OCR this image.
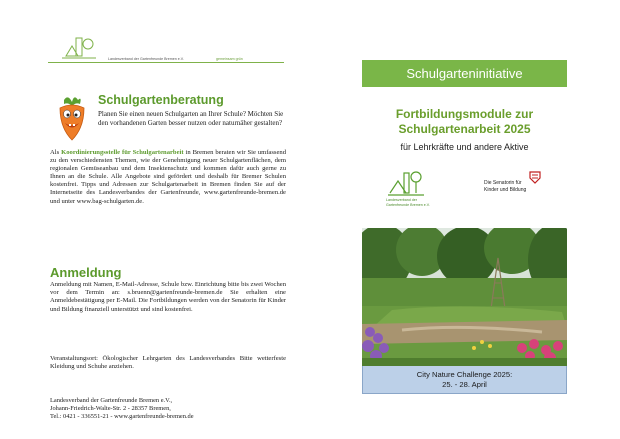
Landesverband der Gartenfreunde Bremen e.V.	gemeinsam grün
Schulgartenberatung
Planen Sie einen neuen Schulgarten an Ihrer Schule? Möchten Sie den vorhandenen Garten besser nutzen oder naturnäher gestalten?
Als Koordinierungsstelle für Schulgartenarbeit in Bremen beraten wir Sie umfassend zu den verschiedensten Themen, wie der Genehmigung neuer Schulgartenflächen, dem regionalen Gemüseanbau und dem Insektenschutz und kommen dafür auch gerne zu Ihnen an die Schule. Alle Angebote sind gefördert und deshalb für Bremer Schulen kostenfrei. Tipps und Adressen zur Schulgartenarbeit in Bremen finden Sie auf der Internetseite des Landesverbandes der Gartenfreunde, www.gartenfreunde-bremen.de und unter www.bag-schulgarten.de.
Anmeldung
Anmeldung mit Namen, E-Mail-Adresse, Schule bzw. Einrichtung bitte bis zwei Wochen vor dem Termin an: s.bruenn@gartenfreunde-bremen.de Sie erhalten eine Anmeldebestätigung per E-Mail. Die Fortbildungen werden von der Senatorin für Kinder und Bildung finanziell unterstützt und sind kostenfrei.
Veranstaltungsort: Ökologischer Lehrgarten des Landesverbandes Bitte wetterfeste Kleidung und Schuhe anziehen.
Landesverband der Gartenfreunde Bremen e.V.,
Johann-Friedrich-Walte-Str. 2 - 28357 Bremen,
Tel.: 0421 - 336551-21 - www.gartenfreunde-bremen.de
Schulgarteninitiative
Fortbildungsmodule zur
Schulgartenarbeit 2025
für Lehrkräfte und andere Aktive
Landesverband der
Gartenfreunde Bremen e.V.
Die Senatorin für
Kinder und Bildung
City Nature Challenge 2025:
25. - 28. April
